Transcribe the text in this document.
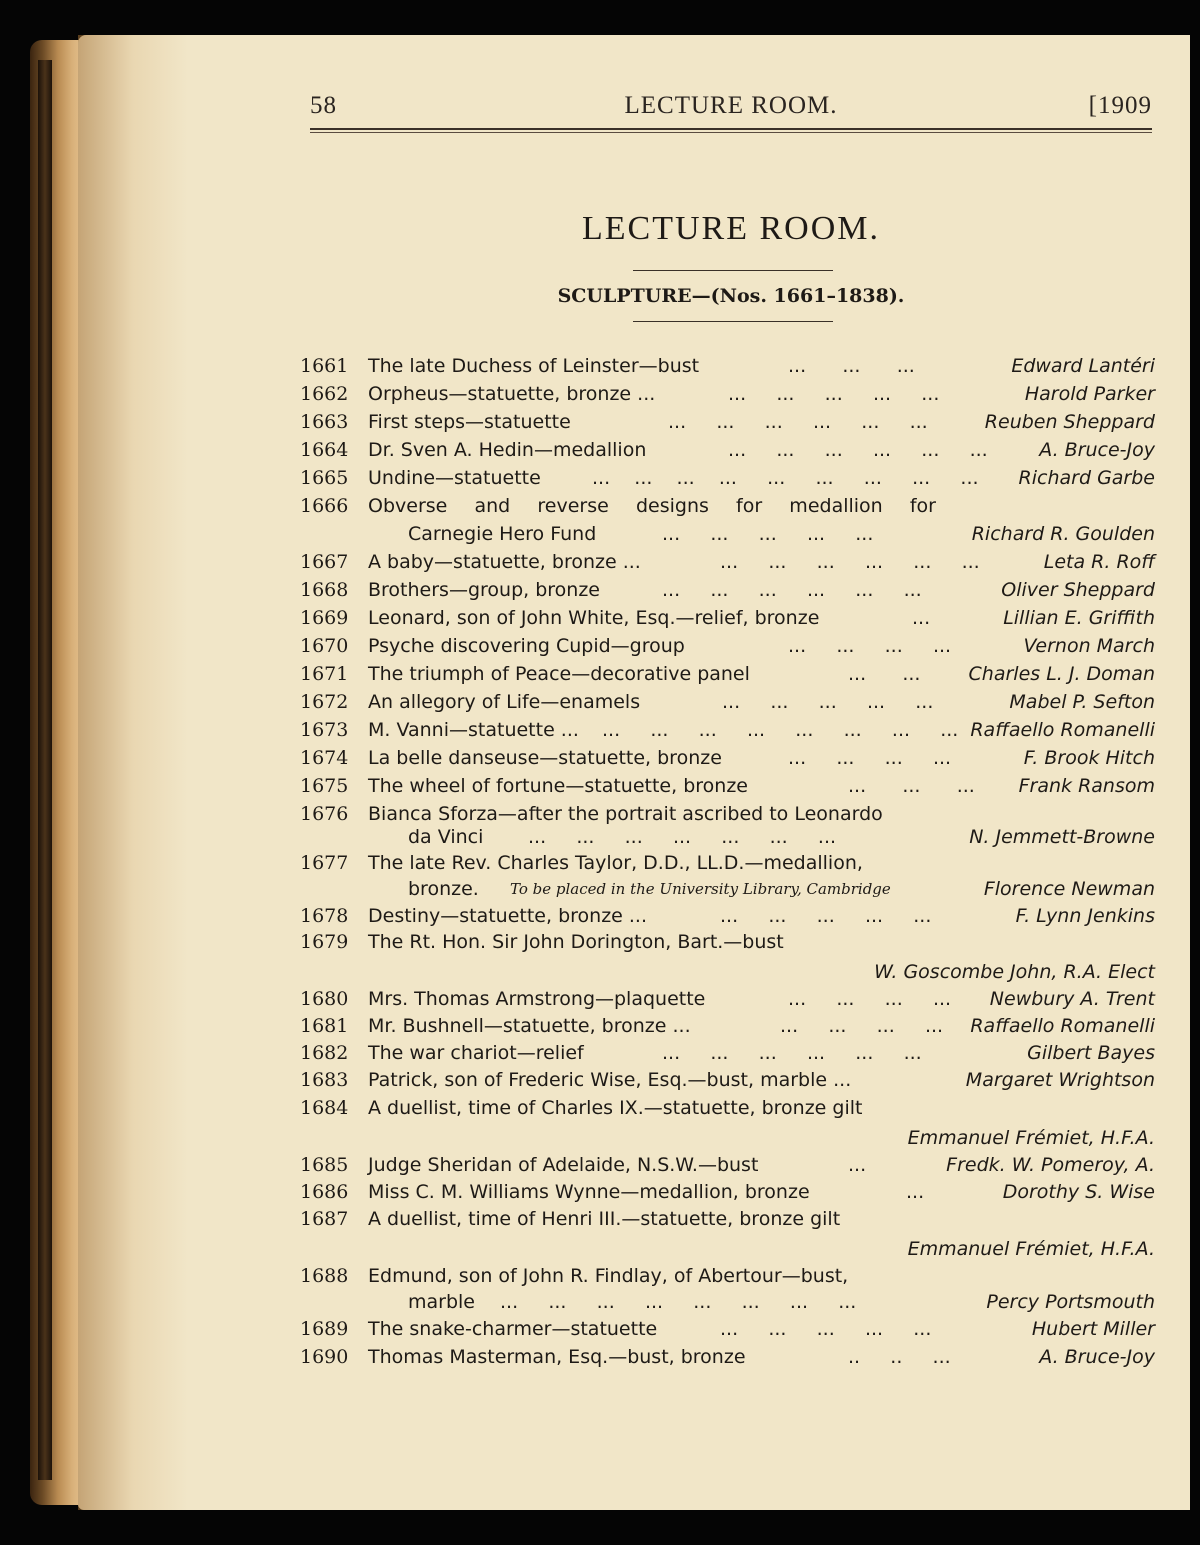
58	LECTURE ROOM.	[1909
LECTURE ROOM.
SCULPTURE—(Nos. 1661–1838).
1661	The late Duchess of Leinster—bust	...      ...      ...	Edward Lantéri
1662	Orpheus—statuette, bronze ...	...     ...     ...     ...     ...	Harold Parker
1663	First steps—statuette	...     ...     ...     ...     ...     ...	Reuben Sheppard
1664	Dr. Sven A. Hedin—medallion	...     ...     ...     ...     ...     ...	A. Bruce-Joy
1665	Undine—statuette	...    ...    ...    ...     ...     ...     ...     ...     ... Richard Garbe
1666	Obverse and reverse designs for medallion for
Carnegie Hero Fund	...     ...     ...     ...     ...	Richard R. Goulden
1667	A baby—statuette, bronze ...	...     ...     ...     ...     ...     ...	Leta R. Roff
1668	Brothers—group, bronze	...     ...     ...     ...     ...     ...	Oliver Sheppard
1669	Leonard, son of John White, Esq.—relief, bronze	...	Lillian E. Griffith
1670	Psyche discovering Cupid—group	...     ...     ...     ...	Vernon March
1671	The triumph of Peace—decorative panel	...      ...	Charles L. J. Doman
1672	An allegory of Life—enamels	...     ...     ...     ...     ...	Mabel P. Sefton
1673	M. Vanni—statuette ... ...     ...     ...     ...     ...     ...     ...     ... Raffaello Romanelli
1674	La belle danseuse—statuette, bronze	...     ...     ...     ...	F. Brook Hitch
1675	The wheel of fortune—statuette, bronze	...      ...      ... Frank Ransom
1676	Bianca Sforza—after the portrait ascribed to Leonardo
da Vinci ...     ...     ...     ...     ...     ...     ...	N. Jemmett-Browne
1677	The late Rev. Charles Taylor, D.D., LL.D.—medallion,
bronze. To be placed in the University Library, Cambridge	Florence Newman
1678	Destiny—statuette, bronze ...	...     ...     ...     ...     ...	F. Lynn Jenkins
1679	The Rt. Hon. Sir John Dorington, Bart.—bust
W. Goscombe John, R.A. Elect
1680	Mrs. Thomas Armstrong—plaquette	...     ...     ...     ... Newbury A. Trent
1681	Mr. Bushnell—statuette, bronze ...	...     ...     ...     ... Raffaello Romanelli
1682	The war chariot—relief	...     ...     ...     ...     ...     ...	Gilbert Bayes
1683	Patrick, son of Frederic Wise, Esq.—bust, marble ...	Margaret Wrightson
1684	A duellist, time of Charles IX.—statuette, bronze gilt
Emmanuel Frémiet, H.F.A.
1685	Judge Sheridan of Adelaide, N.S.W.—bust	...	Fredk. W. Pomeroy, A.
1686	Miss C. M. Williams Wynne—medallion, bronze	...	Dorothy S. Wise
1687	A duellist, time of Henri III.—statuette, bronze gilt
Emmanuel Frémiet, H.F.A.
1688	Edmund, son of John R. Findlay, of Abertour—bust,
marble ...     ...     ...     ...     ...     ...     ...     ...	Percy Portsmouth
1689	The snake-charmer—statuette	...     ...     ...     ...     ...	Hubert Miller
1690	Thomas Masterman, Esq.—bust, bronze	..     ..     ...	A. Bruce-Joy
